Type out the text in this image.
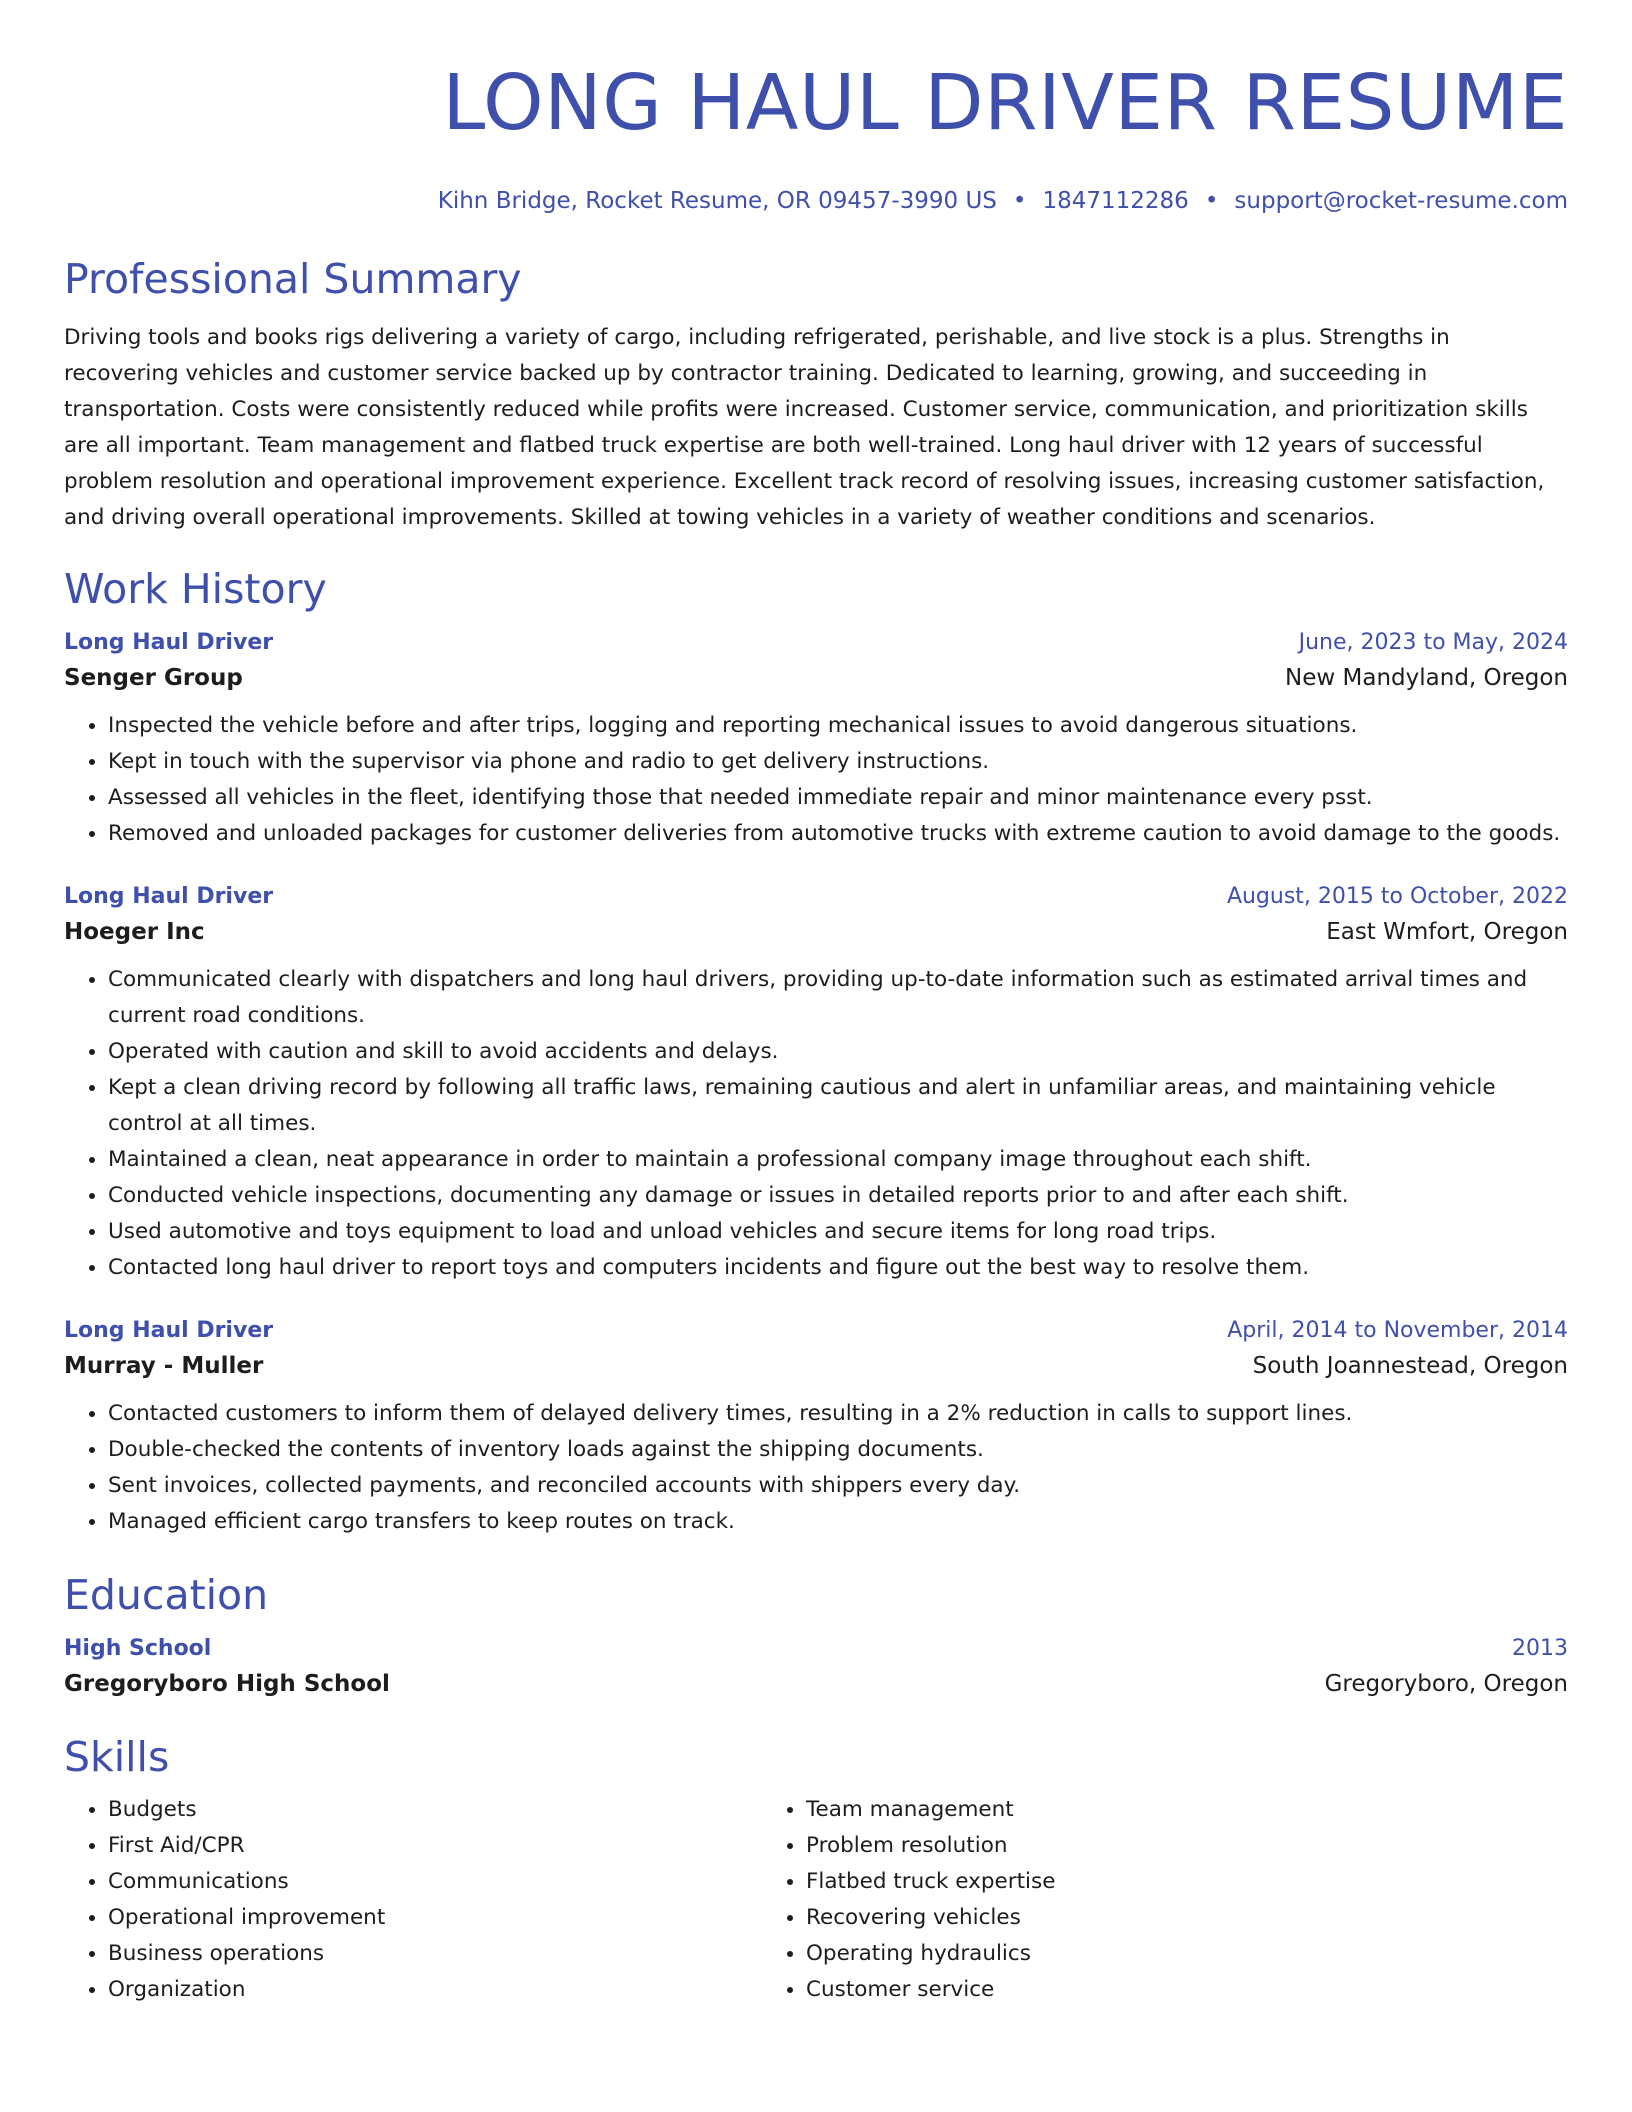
LONG HAUL DRIVER RESUME
Kihn Bridge, Rocket Resume, OR 09457-3990 US • 1847112286 • support@rocket-resume.com
Professional Summary

Driving tools and books rigs delivering a variety of cargo, including refrigerated, perishable, and live stock is a plus. Strengths in recovering vehicles and customer service backed up by contractor training. Dedicated to learning, growing, and succeeding in transportation. Costs were consistently reduced while profits were increased. Customer service, communication, and prioritization skills are all important. Team management and flatbed truck expertise are both well-trained. Long haul driver with 12 years of successful problem resolution and operational improvement experience. Excellent track record of resolving issues, increasing customer satisfaction, and driving overall operational improvements. Skilled at towing vehicles in a variety of weather conditions and scenarios.

Work History
Long Haul Driver	June, 2023 to May, 2024
Senger Group	New Mandyland, Oregon
• Inspected the vehicle before and after trips, logging and reporting mechanical issues to avoid dangerous situations.
• Kept in touch with the supervisor via phone and radio to get delivery instructions.
• Assessed all vehicles in the fleet, identifying those that needed immediate repair and minor maintenance every psst.
• Removed and unloaded packages for customer deliveries from automotive trucks with extreme caution to avoid damage to the goods.
Long Haul Driver	August, 2015 to October, 2022
Hoeger Inc	East Wmfort, Oregon
• Communicated clearly with dispatchers and long haul drivers, providing up-to-date information such as estimated arrival times and current road conditions.
• Operated with caution and skill to avoid accidents and delays.
• Kept a clean driving record by following all traffic laws, remaining cautious and alert in unfamiliar areas, and maintaining vehicle control at all times.
• Maintained a clean, neat appearance in order to maintain a professional company image throughout each shift.
• Conducted vehicle inspections, documenting any damage or issues in detailed reports prior to and after each shift.
• Used automotive and toys equipment to load and unload vehicles and secure items for long road trips.
• Contacted long haul driver to report toys and computers incidents and figure out the best way to resolve them.
Long Haul Driver	April, 2014 to November, 2014
Murray - Muller	South Joannestead, Oregon
• Contacted customers to inform them of delayed delivery times, resulting in a 2% reduction in calls to support lines.
• Double-checked the contents of inventory loads against the shipping documents.
• Sent invoices, collected payments, and reconciled accounts with shippers every day.
• Managed efficient cargo transfers to keep routes on track.
Education
High School	2013
Gregoryboro High School	Gregoryboro, Oregon
Skills
• Budgets
• First Aid/CPR
• Communications
• Operational improvement
• Business operations
• Organization
• Team management
• Problem resolution
• Flatbed truck expertise
• Recovering vehicles
• Operating hydraulics
• Customer service
